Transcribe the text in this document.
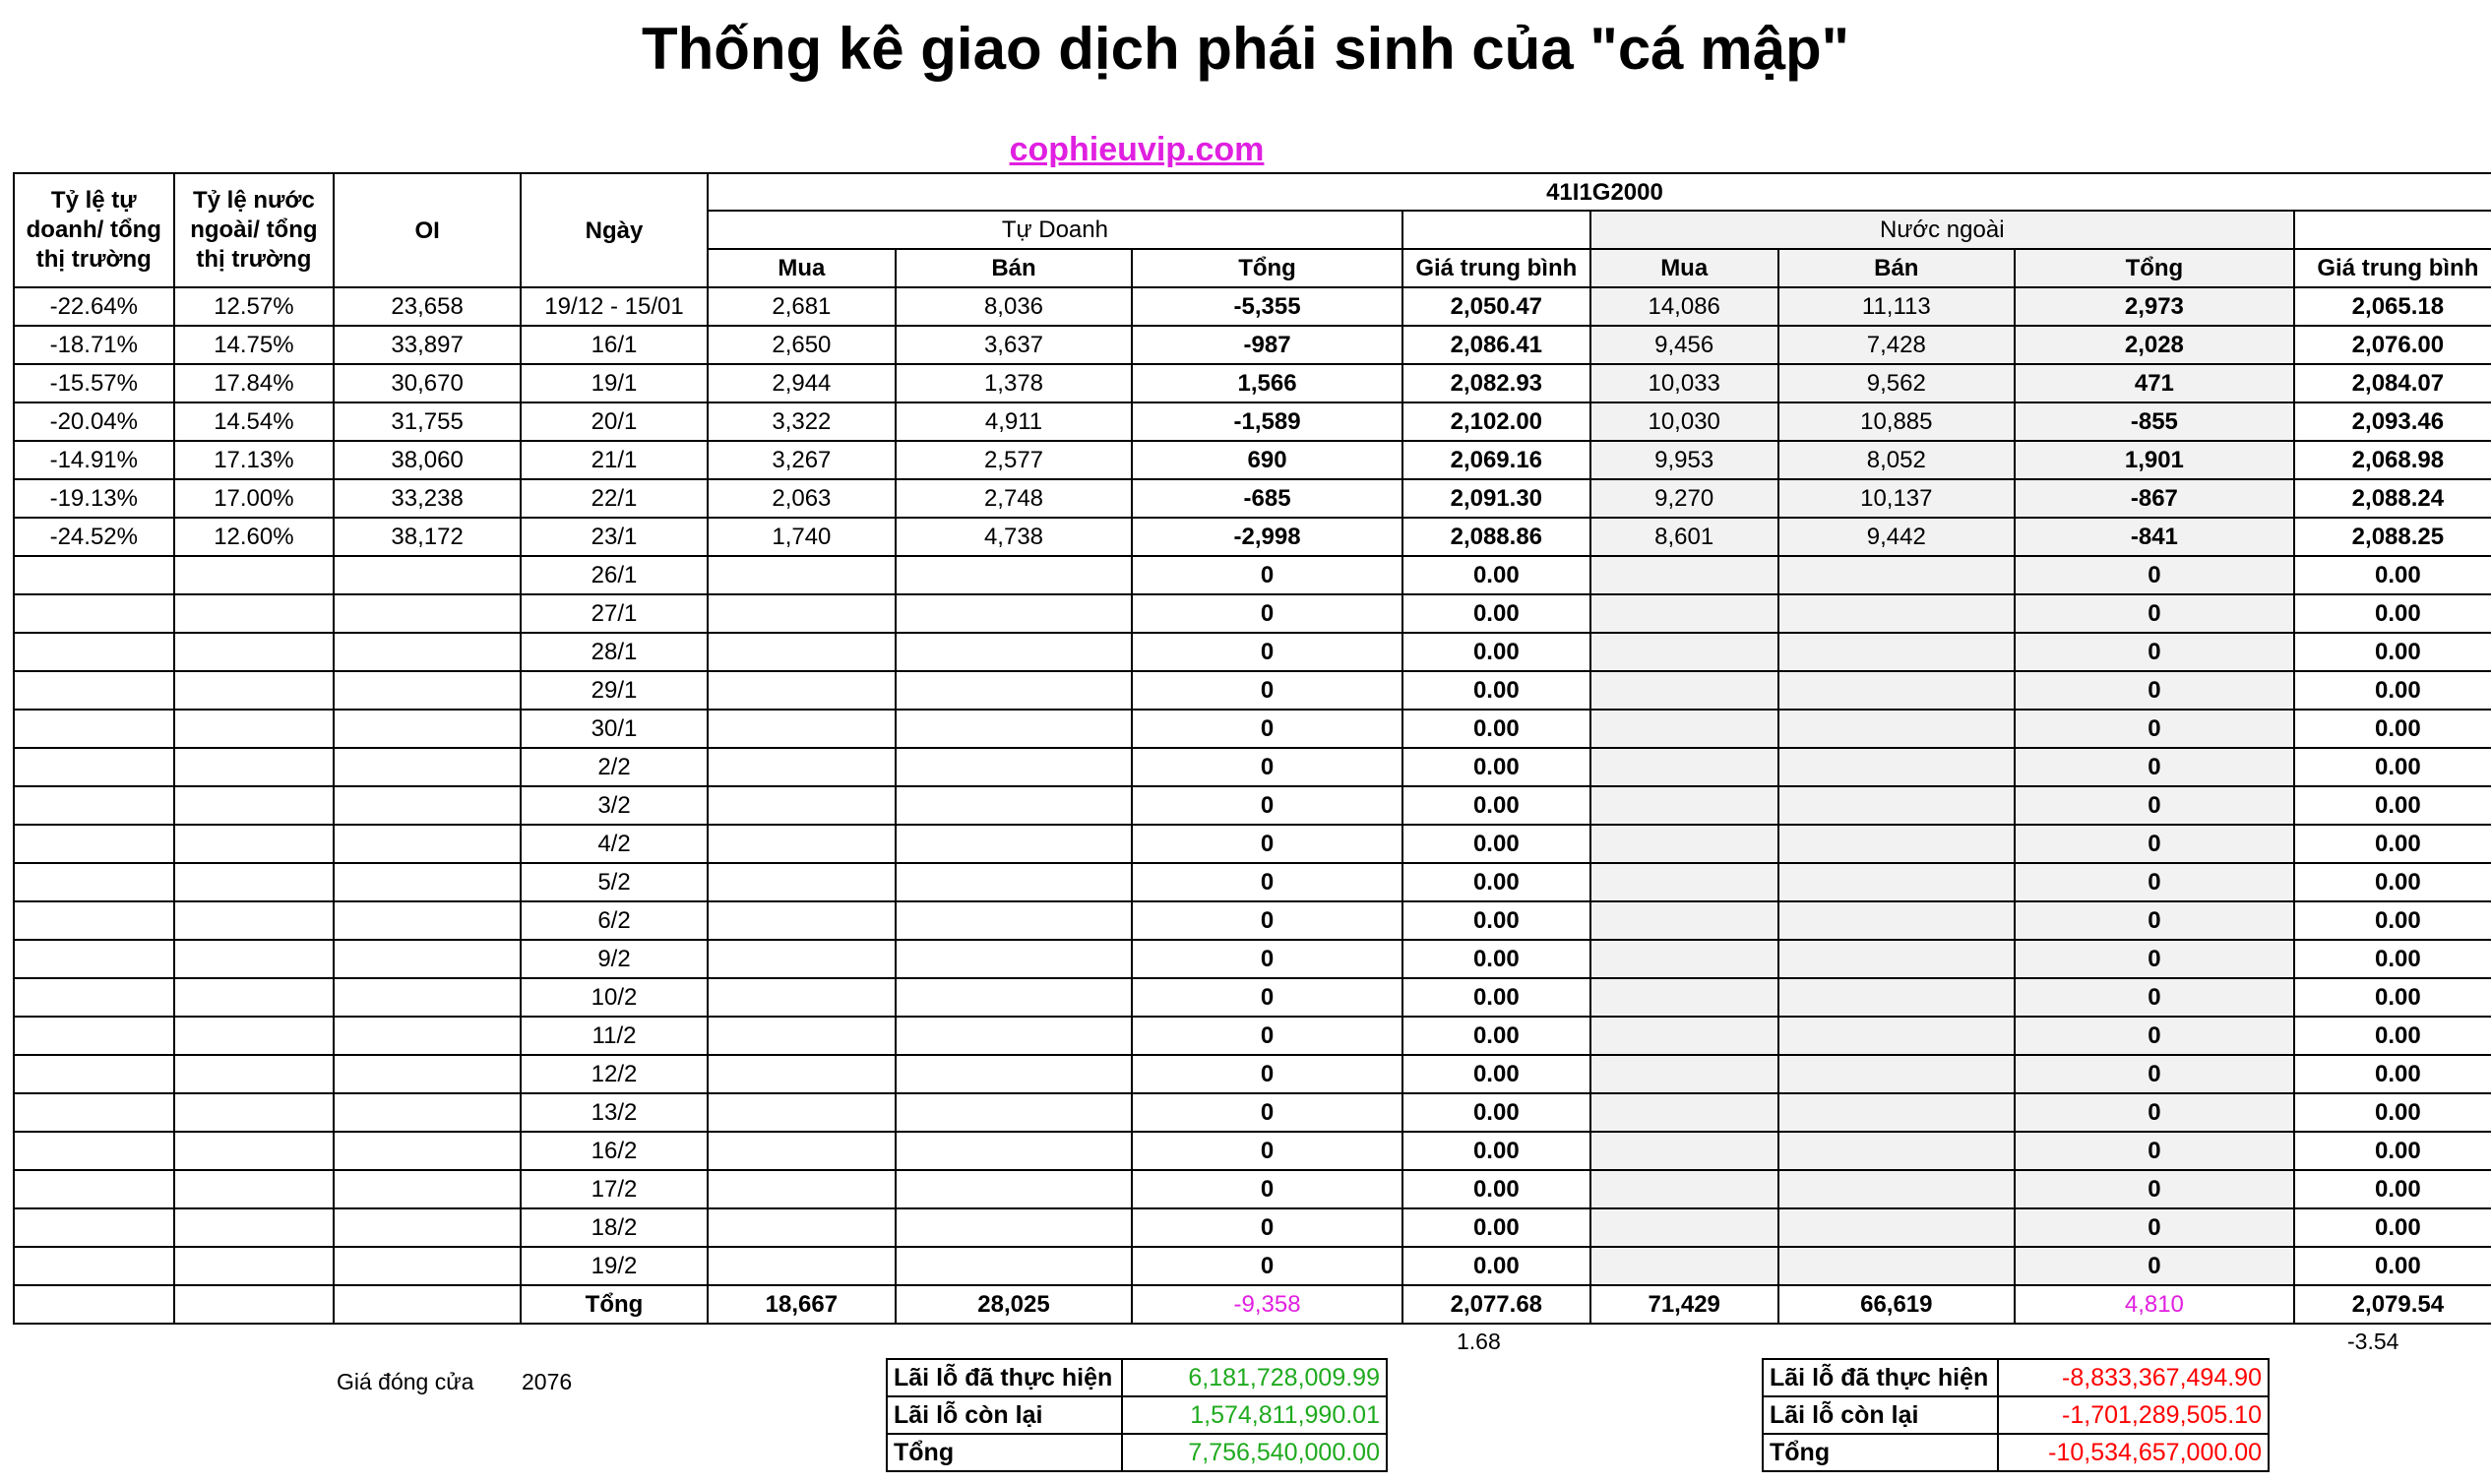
Thống kê giao dịch phái sinh của "cá mập"
cophieuvip.com
Tỷ lệ tự doanh/ tổng thị trường	Tỷ lệ nước ngoài/ tổng thị trường	OI	Ngày	41I1G2000							
				Tự Doanh				Nước ngoài			
				Mua	Bán	Tổng	Giá trung bình	Mua	Bán	Tổng	Giá trung bình
-22.64%	12.57%	23,658	19/12 - 15/01	2,681	8,036	-5,355	2,050.47	14,086	11,113	2,973	2,065.18
-18.71%	14.75%	33,897	16/1	2,650	3,637	-987	2,086.41	9,456	7,428	2,028	2,076.00
-15.57%	17.84%	30,670	19/1	2,944	1,378	1,566	2,082.93	10,033	9,562	471	2,084.07
-20.04%	14.54%	31,755	20/1	3,322	4,911	-1,589	2,102.00	10,030	10,885	-855	2,093.46
-14.91%	17.13%	38,060	21/1	3,267	2,577	690	2,069.16	9,953	8,052	1,901	2,068.98
-19.13%	17.00%	33,238	22/1	2,063	2,748	-685	2,091.30	9,270	10,137	-867	2,088.24
-24.52%	12.60%	38,172	23/1	1,740	4,738	-2,998	2,088.86	8,601	9,442	-841	2,088.25
			26/1			0	0.00			0	0.00
			27/1			0	0.00			0	0.00
			28/1			0	0.00			0	0.00
			29/1			0	0.00			0	0.00
			30/1			0	0.00			0	0.00
			2/2			0	0.00			0	0.00
			3/2			0	0.00			0	0.00
			4/2			0	0.00			0	0.00
			5/2			0	0.00			0	0.00
			6/2			0	0.00			0	0.00
			9/2			0	0.00			0	0.00
			10/2			0	0.00			0	0.00
			11/2			0	0.00			0	0.00
			12/2			0	0.00			0	0.00
			13/2			0	0.00			0	0.00
			16/2			0	0.00			0	0.00
			17/2			0	0.00			0	0.00
			18/2			0	0.00			0	0.00
			19/2			0	0.00			0	0.00
			Tổng	18,667	28,025	-9,358	2,077.68	71,429	66,619	4,810	2,079.54
1.68	-3.54
Giá đóng cửa 2076	Lãi lỗ đã thực hiện	6,181,728,009.99
Lãi lỗ còn lại	1,574,811,990.01
Tổng	7,756,540,000.00
Lãi lỗ đã thực hiện	-8,833,367,494.90
Lãi lỗ còn lại	-1,701,289,505.10
Tổng	-10,534,657,000.00
